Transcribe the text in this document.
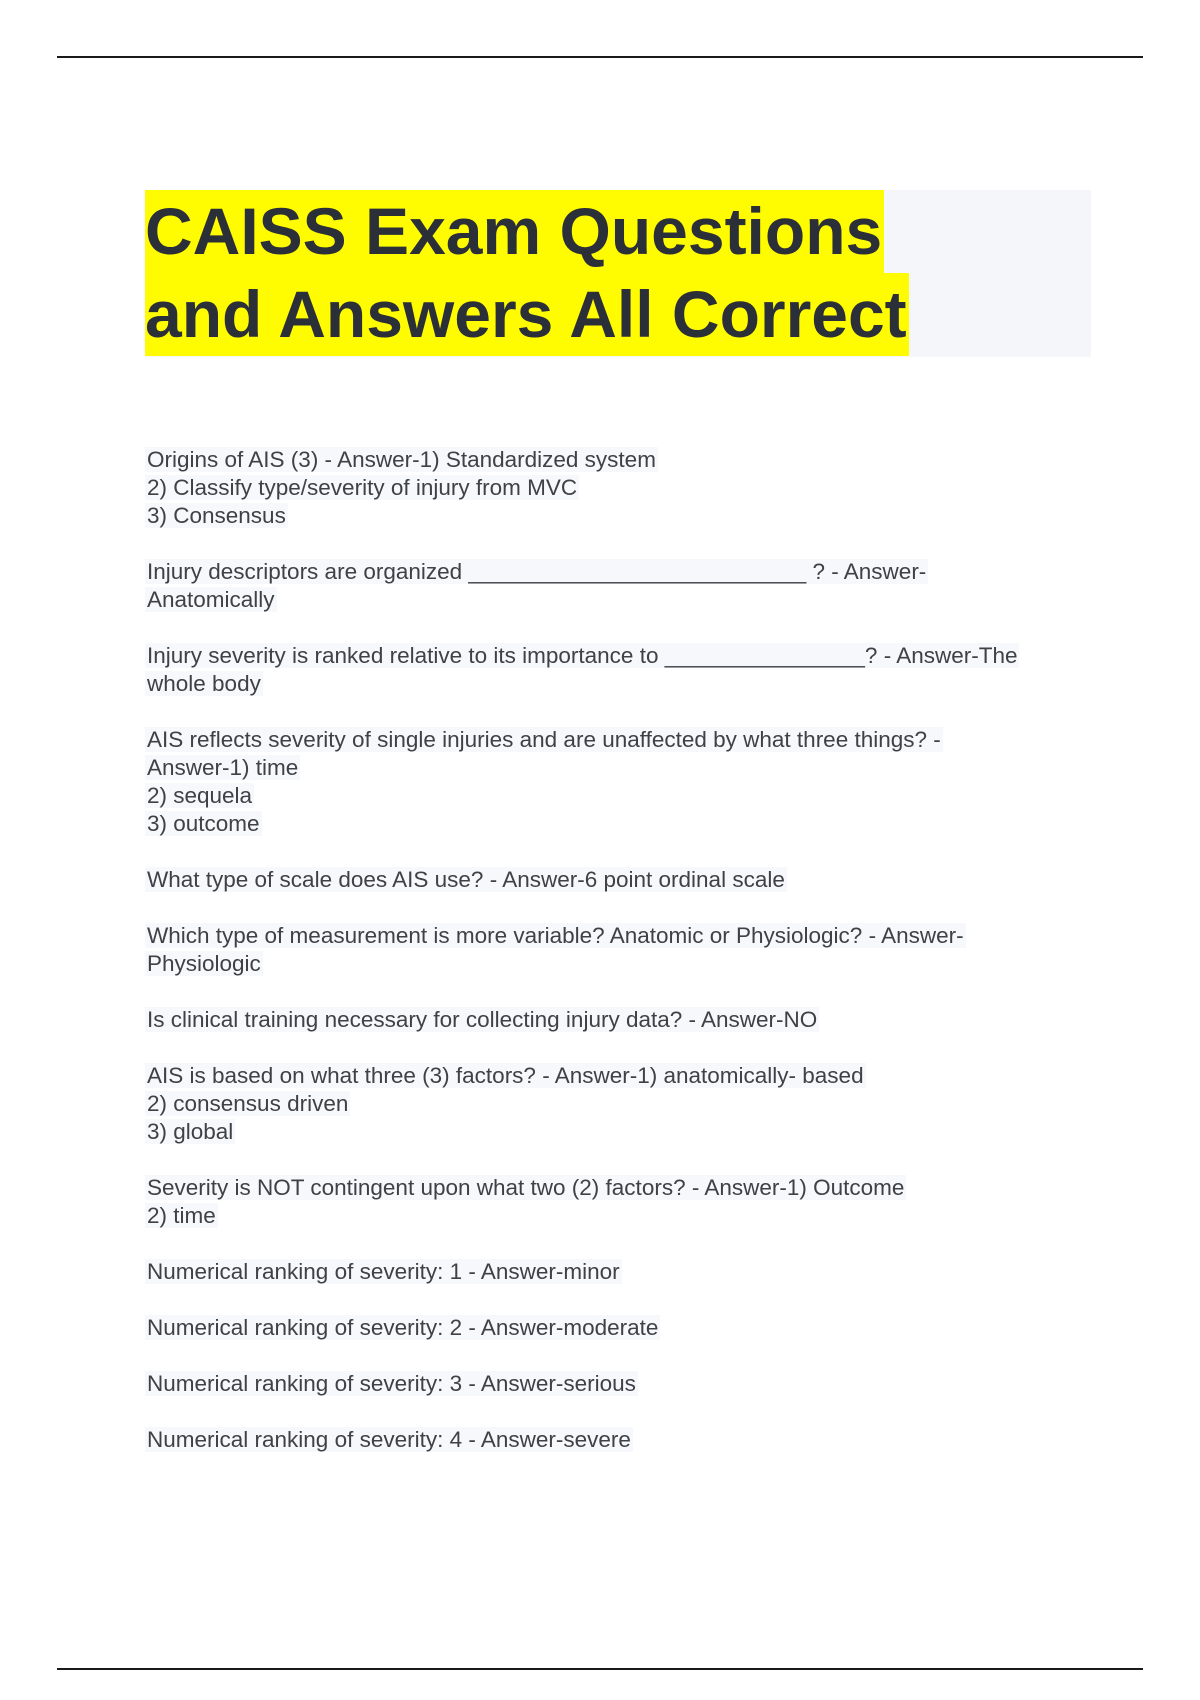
CAISS Exam Questions
and Answers All Correct
Origins of AIS (3) - Answer-1) Standardized system
2) Classify type/severity of injury from MVC
3) Consensus
Injury descriptors are organized ___________________________ ? - Answer-
Anatomically
Injury severity is ranked relative to its importance to ________________? - Answer-The
whole body
AIS reflects severity of single injuries and are unaffected by what three things? -
Answer-1) time
2) sequela
3) outcome
What type of scale does AIS use? - Answer-6 point ordinal scale
Which type of measurement is more variable? Anatomic or Physiologic? - Answer-
Physiologic
Is clinical training necessary for collecting injury data? - Answer-NO
AIS is based on what three (3) factors? - Answer-1) anatomically- based
2) consensus driven
3) global
Severity is NOT contingent upon what two (2) factors? - Answer-1) Outcome
2) time
Numerical ranking of severity: 1 - Answer-minor
Numerical ranking of severity: 2 - Answer-moderate
Numerical ranking of severity: 3 - Answer-serious
Numerical ranking of severity: 4 - Answer-severe
